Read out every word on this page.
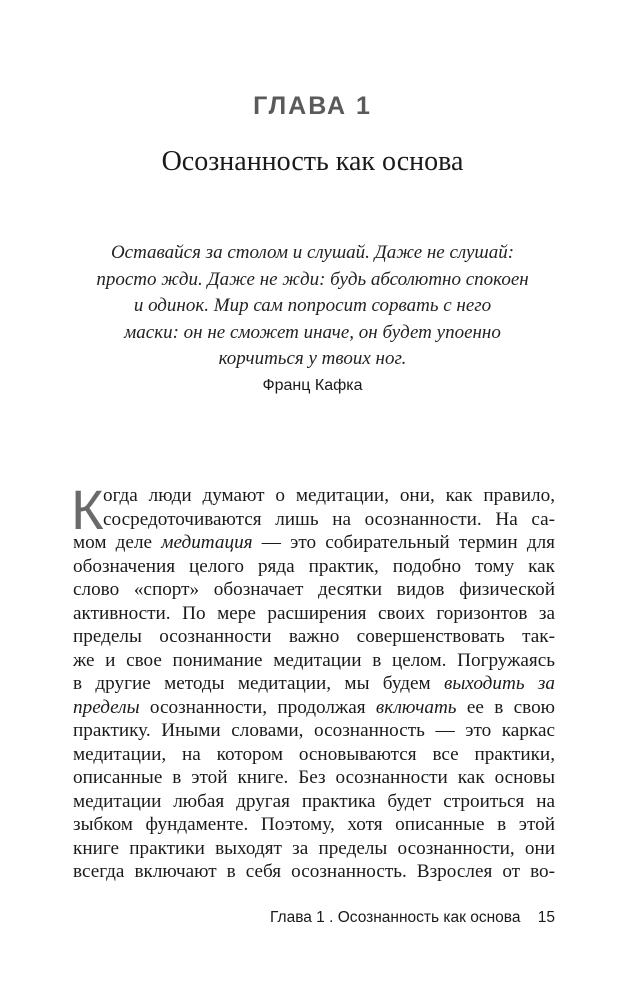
ГЛАВА 1
Осознанность как основа
Оставайся за столом и слушай. Даже не слушай:
просто жди. Даже не жди: будь абсолютно спокоен
и одинок. Мир сам попросит сорвать с него
маски: он не сможет иначе, он будет упоенно
корчиться у твоих ног.
Франц Кафка
К огда люди думают о медитации, они, как правило,
сосредоточиваются лишь на осознанности. На са-
мом деле медитация — это собирательный термин для
обозначения целого ряда практик, подобно тому как
слово «спорт» обозначает десятки видов физической
активности. По мере расширения своих горизонтов за
пределы осознанности важно совершенствовать так-
же и свое понимание медитации в целом. Погружаясь
в другие методы медитации, мы будем выходить за
пределы осознанности, продолжая включать ее в свою
практику. Иными словами, осознанность — это каркас
медитации, на котором основываются все практики,
описанные в этой книге. Без осознанности как основы
медитации любая другая практика будет строиться на
зыбком фундаменте. Поэтому, хотя описанные в этой
книге практики выходят за пределы осознанности, они
всегда включают в себя осознанность. Взрослея от во-
Глава 1 . Осознанность как основа 15
